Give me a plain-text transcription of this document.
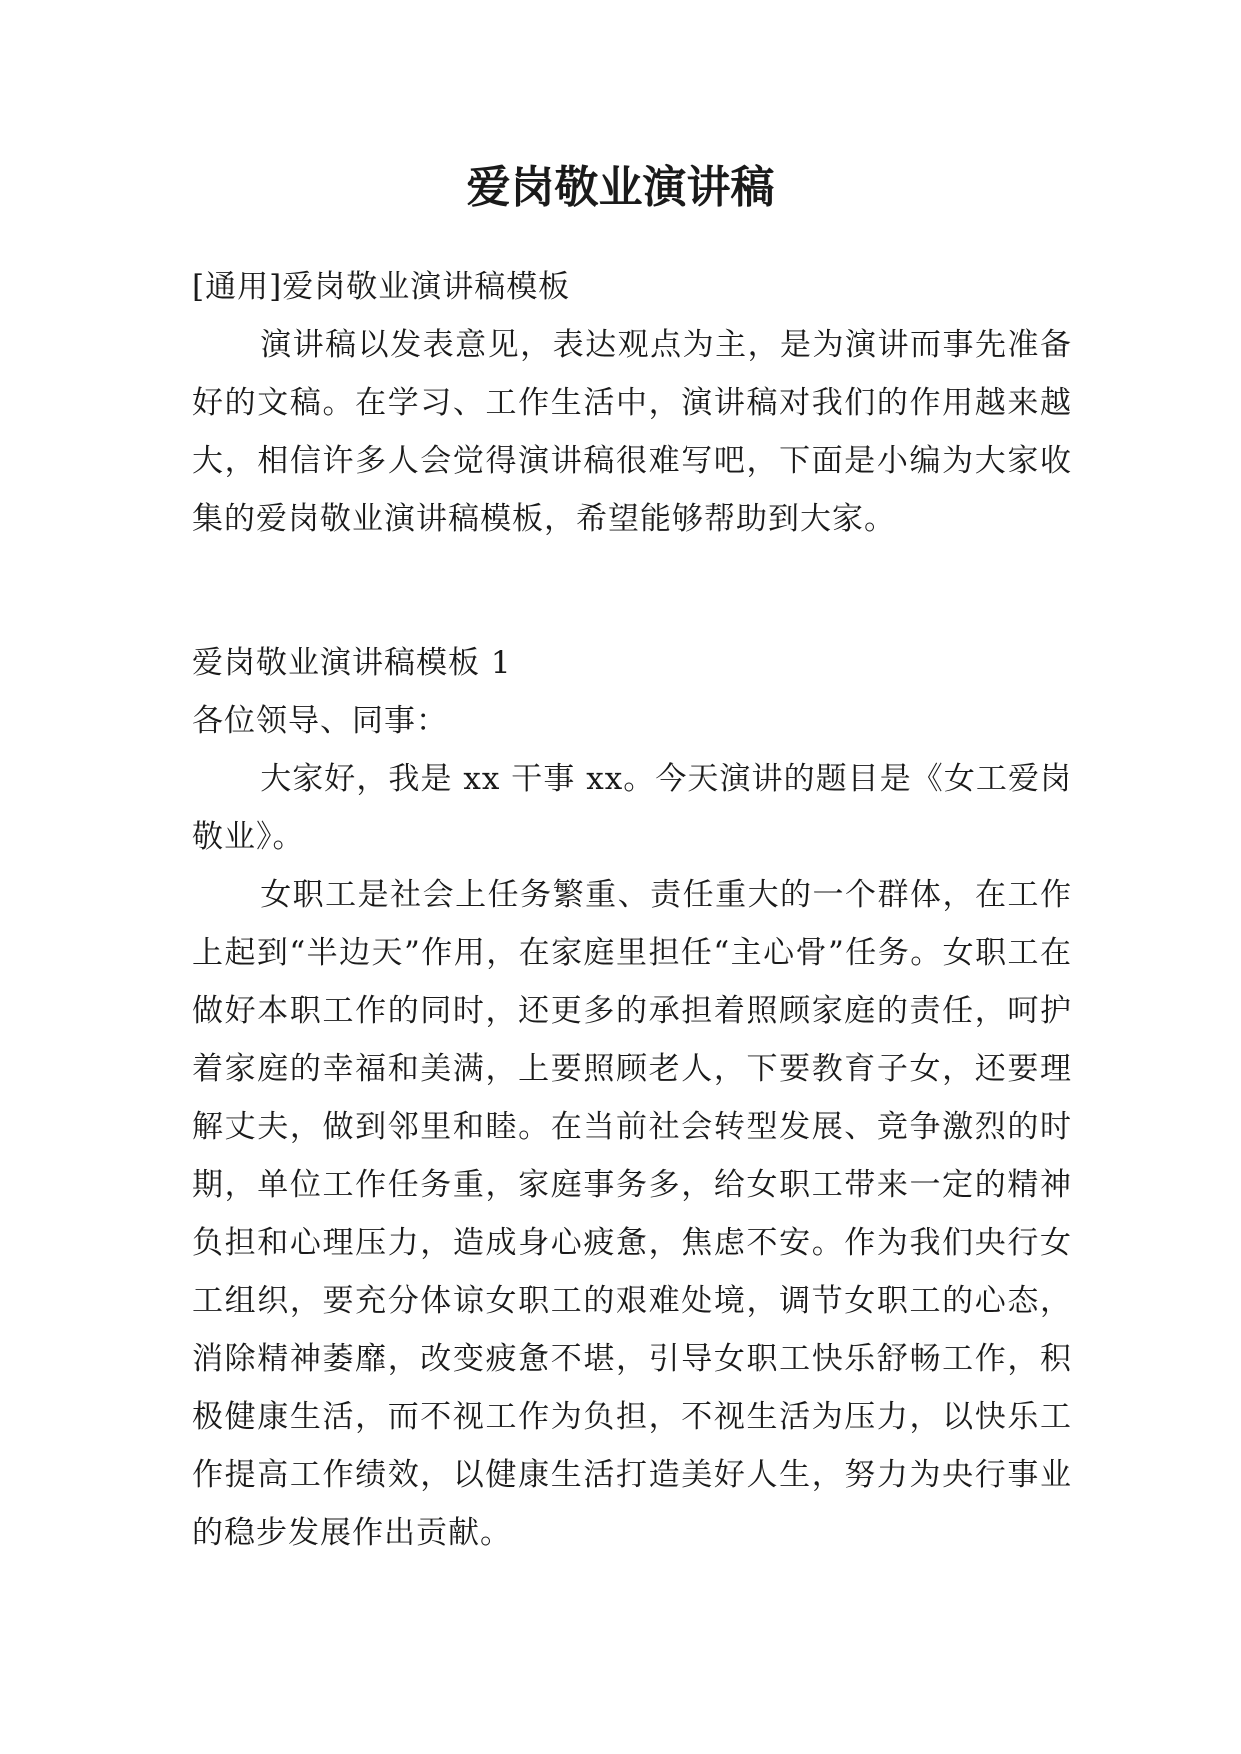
爱岗敬业演讲稿

[通用]爱岗敬业演讲稿模板

演讲稿以发表意见，表达观点为主，是为演讲而事先准备好的文稿。在学习、工作生活中，演讲稿对我们的作用越来越大，相信许多人会觉得演讲稿很难写吧，下面是小编为大家收集的爱岗敬业演讲稿模板，希望能够帮助到大家。

爱岗敬业演讲稿模板 1

各位领导、同事：

大家好，我是 xx 干事 xx。今天演讲的题目是《女工爱岗敬业》。

女职工是社会上任务繁重、责任重大的一个群体，在工作上起到“半边天”作用，在家庭里担任“主心骨”任务。女职工在做好本职工作的同时，还更多的承担着照顾家庭的责任，呵护着家庭的幸福和美满，上要照顾老人，下要教育子女，还要理解丈夫，做到邻里和睦。在当前社会转型发展、竞争激烈的时期，单位工作任务重，家庭事务多，给女职工带来一定的精神负担和心理压力，造成身心疲惫，焦虑不安。作为我们央行女工组织，要充分体谅女职工的艰难处境，调节女职工的心态，消除精神萎靡，改变疲惫不堪，引导女职工快乐舒畅工作，积极健康生活，而不视工作为负担，不视生活为压力，以快乐工作提高工作绩效，以健康生活打造美好人生，努力为央行事业的稳步发展作出贡献。
